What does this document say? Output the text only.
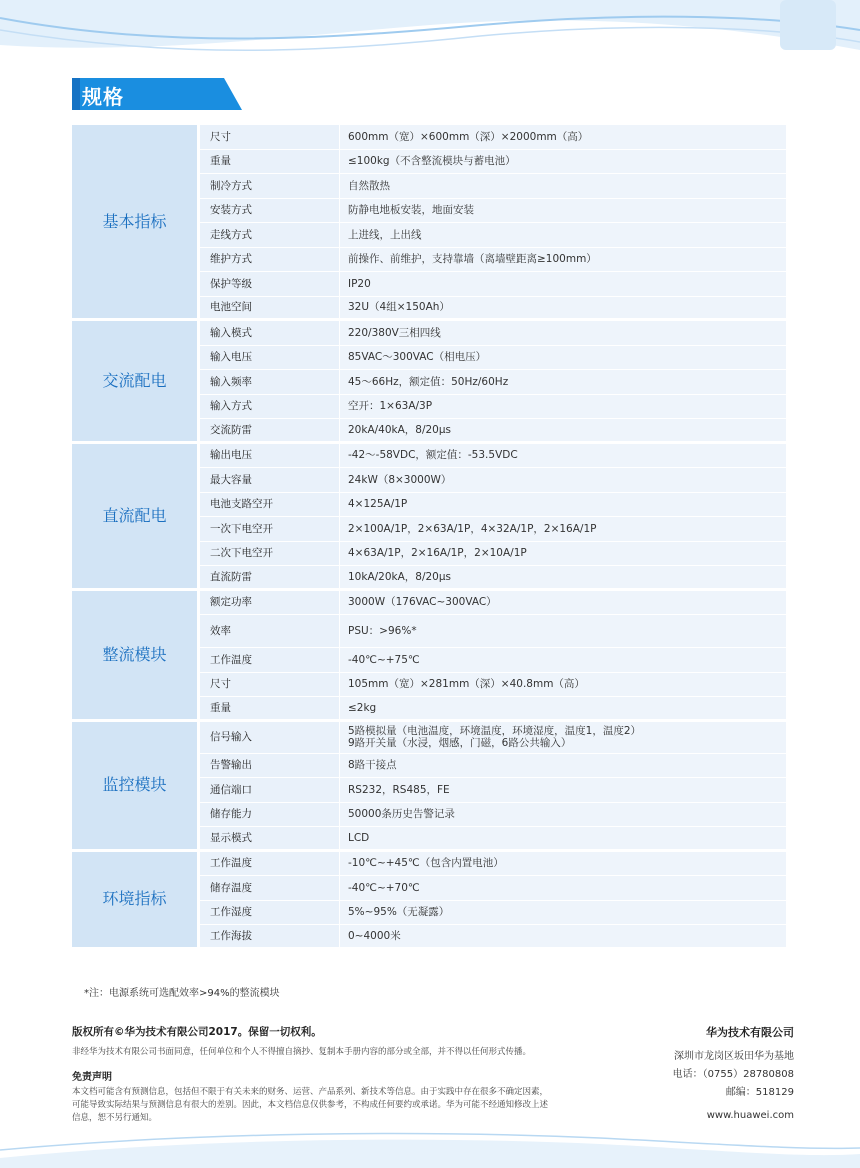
规格
基本指标	尺寸	600mm（宽）×600mm（深）×2000mm（高）

	重量	≤100kg（不含整流模块与蓄电池）

	制冷方式	自然散热

	安装方式	防静电地板安装，地面安装

	走线方式	上进线，上出线

	维护方式	前操作、前维护，支持靠墙（离墙壁距离≥100mm）

	保护等级	IP20

	电池空间	32U（4组×150Ah）

交流配电	输入模式	220/380V三相四线

	输入电压	85VAC～300VAC（相电压）

	输入频率	45～66Hz，额定值：50Hz/60Hz

	输入方式	空开：1×63A/3P

	交流防雷	20kA/40kA，8/20μs

直流配电	输出电压	-42～-58VDC，额定值：-53.5VDC

	最大容量	24kW（8×3000W）

	电池支路空开	4×125A/1P

	一次下电空开	2×100A/1P，2×63A/1P，4×32A/1P，2×16A/1P

	二次下电空开	4×63A/1P，2×16A/1P，2×10A/1P

	直流防雷	10kA/20kA，8/20μs

整流模块	额定功率	3000W（176VAC~300VAC）

	效率	PSU：>96%*

	工作温度	-40℃~+75℃

	尺寸	105mm（宽）×281mm（深）×40.8mm（高）

	重量	≤2kg

监控模块	信号输入	5路模拟量（电池温度，环境温度，环境湿度，温度1，温度2）
9路开关量（水浸，烟感，门磁，6路公共输入）

	告警输出	8路干接点

	通信端口	RS232，RS485，FE

	储存能力	50000条历史告警记录

	显示模式	LCD

环境指标	工作温度	-10℃~+45℃（包含内置电池）

	储存温度	-40℃~+70℃

	工作湿度	5%~95%（无凝露）

	工作海拔	0~4000米
*注：电源系统可选配效率>94%的整流模块
版权所有©华为技术有限公司2017。保留一切权利。
非经华为技术有限公司书面同意，任何单位和个人不得擅自摘抄、复制本手册内容的部分或全部，并不得以任何形式传播。
免责声明
本文档可能含有预测信息，包括但不限于有关未来的财务、运营、产品系列、新技术等信息。由于实践中存在很多不确定因素，
可能导致实际结果与预测信息有很大的差别。因此，本文档信息仅供参考，不构成任何要约或承诺。华为可能不经通知修改上述
信息，恕不另行通知。
华为技术有限公司
深圳市龙岗区坂田华为基地
电话：（0755）28780808
邮编：518129
www.huawei.com
